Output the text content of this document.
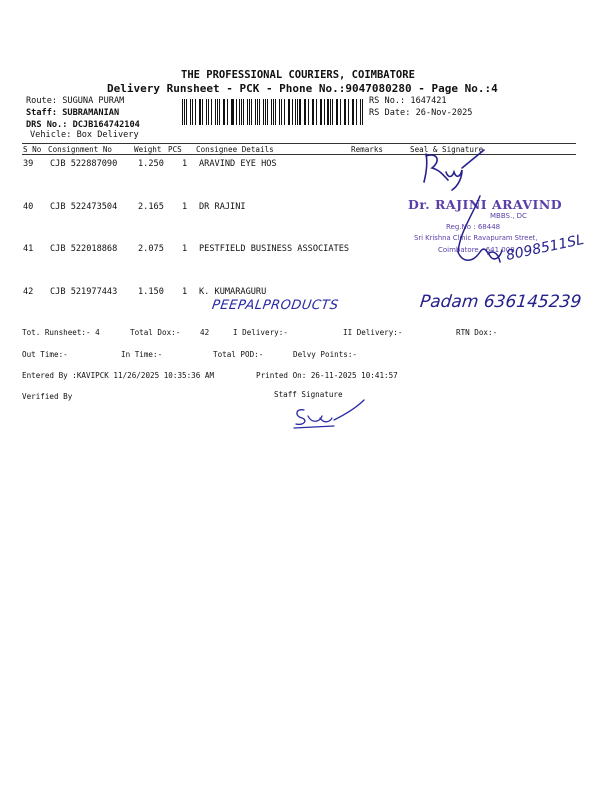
THE PROFESSIONAL COURIERS, COIMBATORE
Delivery Runsheet - PCK - Phone No.:9047080280 - Page No.:4
Route: SUGUNA PURAM
Staff: SUBRAMANIAN
DRS No.: DCJB164742104
Vehicle: Box Delivery
RS No.: 1647421
RS Date: 26-Nov-2025
S No Consignment No	Weight PCS Consignee Details	Remarks	Seal & Signature
39 CJB 522887090 1.250 1 ARAVIND EYE HOS
40 CJB 522473504 2.165 1 DR RAJINI
41 CJB 522018868 2.075 1 PESTFIELD BUSINESS ASSOCIATES
42 CJB 521977443 1.150 1 K. KUMARAGURU
PEEPALPRODUCTS
Dr. RAJINI ARAVIND
MBBS., DC
Reg.No : 68448
Sri Krishna Clinic Ravapuram Street,
Coimbatore - 641 008
8098511SL
Padam 636145239
Tot. Runsheet:- 4	Total Dox:-	42	I Delivery:-	II Delivery:-	RTN Dox:-
Out Time:-	In Time:-	Total POD:-	Delvy Points:-
Entered By :KAVIPCK 11/26/2025 10:35:36 AM	Printed On: 26-11-2025 10:41:57
Verified By	Staff Signature
